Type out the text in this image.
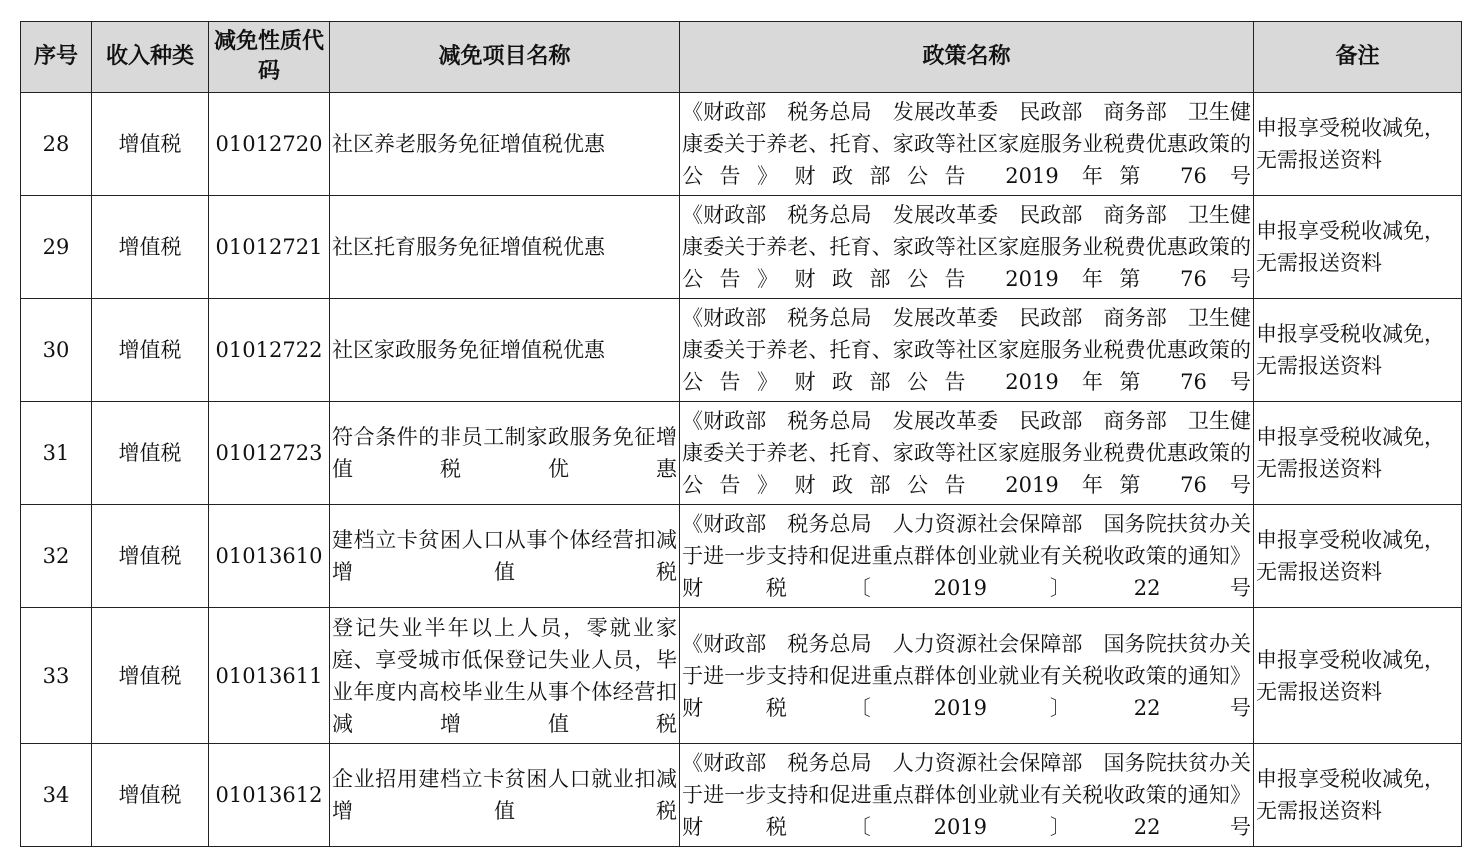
序号	收入种类	减免性质代码	减免项目名称	政策名称	备注
28	增值税	01012720	社区养老服务免征增值税优惠	《财政部　税务总局　发展改革委　民政部　商务部　卫生健康委关于养老、托育、家政等社区家庭服务业税费优惠政策的公告》财政部公告 2019 年第 76 号	申报享受税收减免，无需报送资料
29	增值税	01012721	社区托育服务免征增值税优惠	《财政部　税务总局　发展改革委　民政部　商务部　卫生健康委关于养老、托育、家政等社区家庭服务业税费优惠政策的公告》财政部公告 2019 年第 76 号	申报享受税收减免，无需报送资料
30	增值税	01012722	社区家政服务免征增值税优惠	《财政部　税务总局　发展改革委　民政部　商务部　卫生健康委关于养老、托育、家政等社区家庭服务业税费优惠政策的公告》财政部公告 2019 年第 76 号	申报享受税收减免，无需报送资料
31	增值税	01012723	符合条件的非员工制家政服务免征增值税优惠	《财政部　税务总局　发展改革委　民政部　商务部　卫生健康委关于养老、托育、家政等社区家庭服务业税费优惠政策的公告》财政部公告 2019 年第 76 号	申报享受税收减免，无需报送资料
32	增值税	01013610	建档立卡贫困人口从事个体经营扣减增值税	《财政部　税务总局　人力资源社会保障部　国务院扶贫办关于进一步支持和促进重点群体创业就业有关税收政策的通知》财税〔2019〕22 号	申报享受税收减免，无需报送资料
33	增值税	01013611	登记失业半年以上人员，零就业家庭、享受城市低保登记失业人员，毕业年度内高校毕业生从事个体经营扣减增值税	《财政部　税务总局　人力资源社会保障部　国务院扶贫办关于进一步支持和促进重点群体创业就业有关税收政策的通知》财税〔2019〕22 号	申报享受税收减免，无需报送资料
34	增值税	01013612	企业招用建档立卡贫困人口就业扣减增值税	《财政部　税务总局　人力资源社会保障部　国务院扶贫办关于进一步支持和促进重点群体创业就业有关税收政策的通知》财税〔2019〕22 号	申报享受税收减免，无需报送资料
